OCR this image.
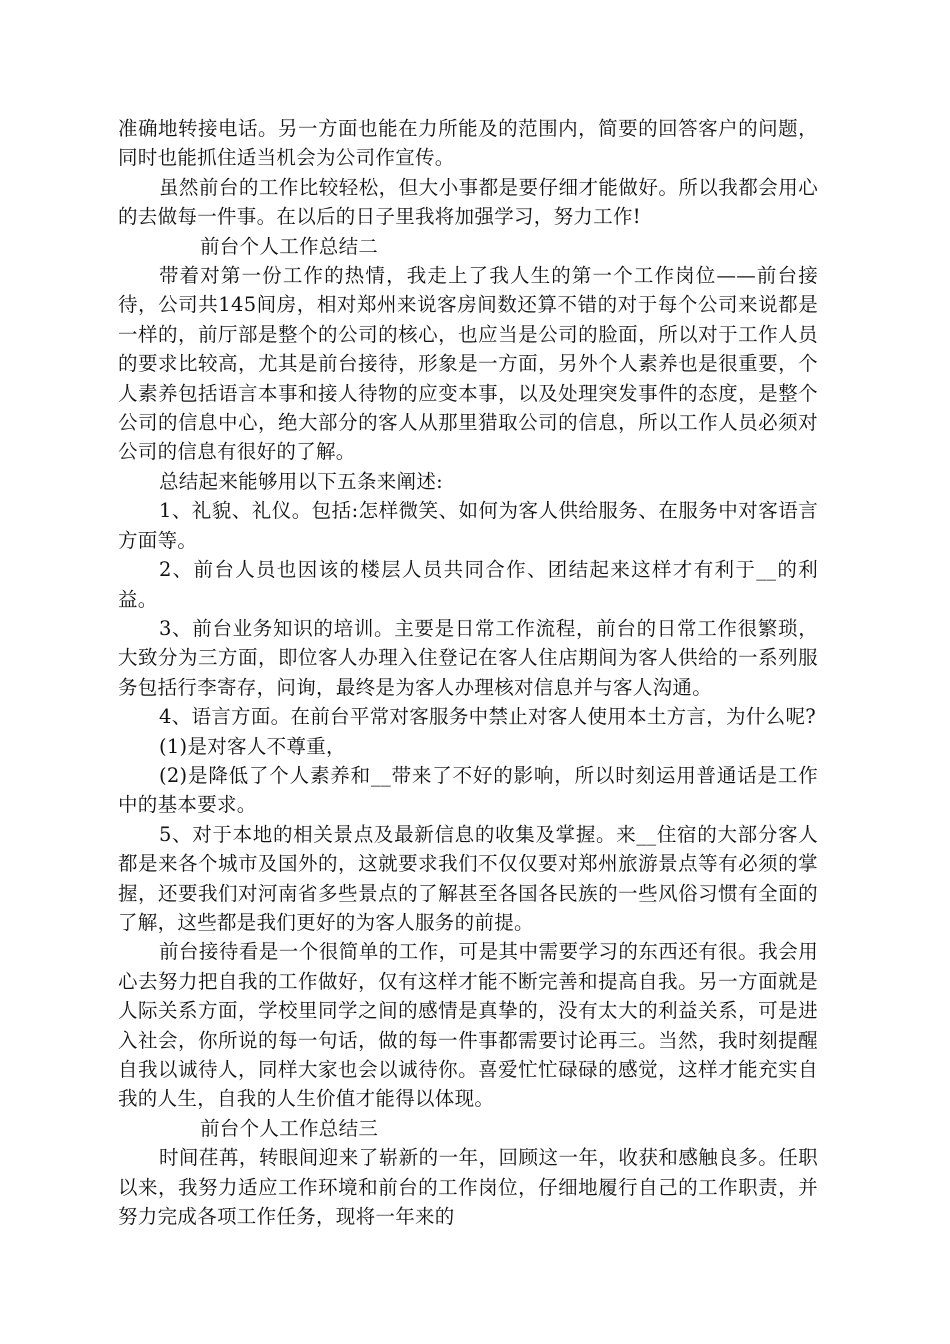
准确地转接电话。另一方面也能在力所能及的范围内，简要的回答客户的问题，同时也能抓住适当机会为公司作宣传。

虽然前台的工作比较轻松，但大小事都是要仔细才能做好。所以我都会用心的去做每一件事。在以后的日子里我将加强学习，努力工作!

前台个人工作总结二

带着对第一份工作的热情，我走上了我人生的第一个工作岗位——前台接待，公司共145间房，相对郑州来说客房间数还算不错的对于每个公司来说都是一样的，前厅部是整个的公司的核心，也应当是公司的脸面，所以对于工作人员的要求比较高，尤其是前台接待，形象是一方面，另外个人素养也是很重要，个人素养包括语言本事和接人待物的应变本事，以及处理突发事件的态度，是整个公司的信息中心，绝大部分的客人从那里猎取公司的信息，所以工作人员必须对公司的信息有很好的了解。

总结起来能够用以下五条来阐述:

1、礼貌、礼仪。包括:怎样微笑、如何为客人供给服务、在服务中对客语言方面等。

2、前台人员也因该的楼层人员共同合作、团结起来这样才有利于__的利益。

3、前台业务知识的培训。主要是日常工作流程，前台的日常工作很繁琐，大致分为三方面，即位客人办理入住登记在客人住店期间为客人供给的一系列服务包括行李寄存，问询，最终是为客人办理核对信息并与客人沟通。

4、语言方面。在前台平常对客服务中禁止对客人使用本土方言，为什么呢?

(1)是对客人不尊重，

(2)是降低了个人素养和__带来了不好的影响，所以时刻运用普通话是工作中的基本要求。

5、对于本地的相关景点及最新信息的收集及掌握。来__住宿的大部分客人都是来各个城市及国外的，这就要求我们不仅仅要对郑州旅游景点等有必须的掌握，还要我们对河南省多些景点的了解甚至各国各民族的一些风俗习惯有全面的了解，这些都是我们更好的为客人服务的前提。

前台接待看是一个很简单的工作，可是其中需要学习的东西还有很。我会用心去努力把自我的工作做好，仅有这样才能不断完善和提高自我。另一方面就是人际关系方面，学校里同学之间的感情是真挚的，没有太大的利益关系，可是进入社会，你所说的每一句话，做的每一件事都需要讨论再三。当然，我时刻提醒自我以诚待人，同样大家也会以诚待你。喜爱忙忙碌碌的感觉，这样才能充实自我的人生，自我的人生价值才能得以体现。

前台个人工作总结三

时间荏苒，转眼间迎来了崭新的一年，回顾这一年，收获和感触良多。任职以来，我努力适应工作环境和前台的工作岗位，仔细地履行自己的工作职责，并努力完成各项工作任务，现将一年来的
